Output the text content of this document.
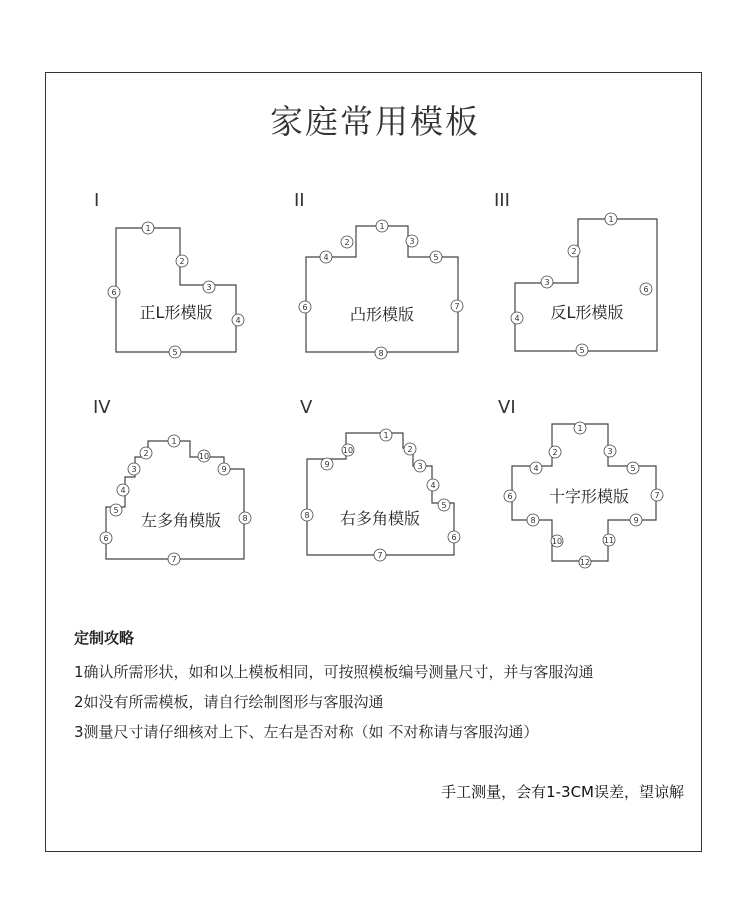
家庭常用模板
I	II	III
IV	V	VI
正L形模版	凸形模版	反L形模版
左多角模版	右多角模版
十字形模版
1
2
3
4
5
6
1
2	3
4	5
6	7
8
1
2
3
4
5
6
1
2
3
4
5
6
7
8
9
10
1
2
3
4
5
6
7
8
9
10
1
2	3
4	5
6	7
8	9
10	11
12
定制攻略
1确认所需形状，如和以上模板相同，可按照模板编号测量尺寸，并与客服沟通
2如没有所需模板，请自行绘制图形与客服沟通
3测量尺寸请仔细核对上下、左右是否对称（如 不对称请与客服沟通）
手工测量，会有1-3CM误差，望谅解
